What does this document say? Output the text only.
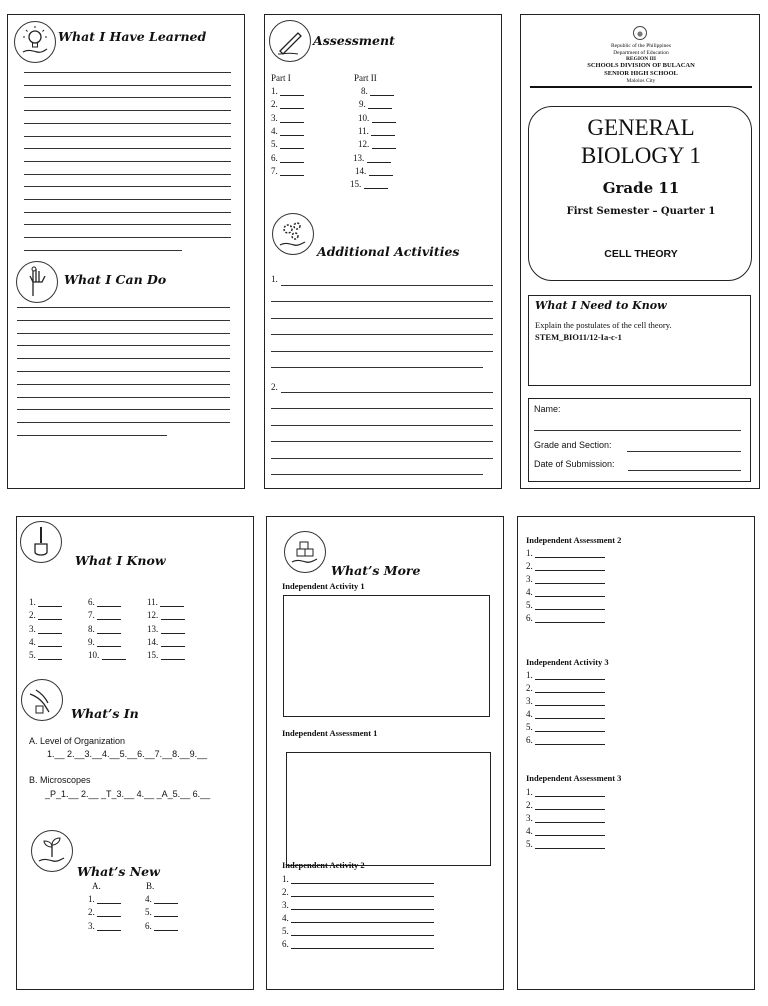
What I Have Learned
What I Can Do
Assessment
Part I	Part II
1.
2.
3.
4.
5.
6.
7.
8.
9.
10.
11.
12.
13.
14.
15.
Additional Activities
1.
2.
Republic of the Philippines
Department of Education
REGION III
SCHOOLS DIVISION OF BULACAN
SENIOR HIGH SCHOOL
Malolos City
GENERAL
BIOLOGY 1
Grade 11
First Semester – Quarter 1
CELL THEORY
What I Need to Know
Explain the postulates of the cell theory.
STEM_BIO11/12-Ia-c-1
Name:
Grade and Section:
Date of Submission:
What I Know
1.
2.
3.
4.
5.
6.
7.
8.
9.
10.
11.
12.
13.
14.
15.
What’s In
A. Level of Organization
1.__ 2.__3.__4.__5.__6.__7.__8.__9.__
B. Microscopes
_P_1.__ 2.__ _T_3.__ 4.__ _A_5.__ 6.__
What’s New
A.	B.
1.
2.
3.
4.
5.
6.
What’s More
Independent Activity 1
Independent Assessment 1
Independent Activity 2
1.
2.
3.
4.
5.
6.
Independent Assessment 2
1.
2.
3.
4.
5.
6.
Independent Activity 3
1.
2.
3.
4.
5.
6.
Independent Assessment 3
1.
2.
3.
4.
5.
